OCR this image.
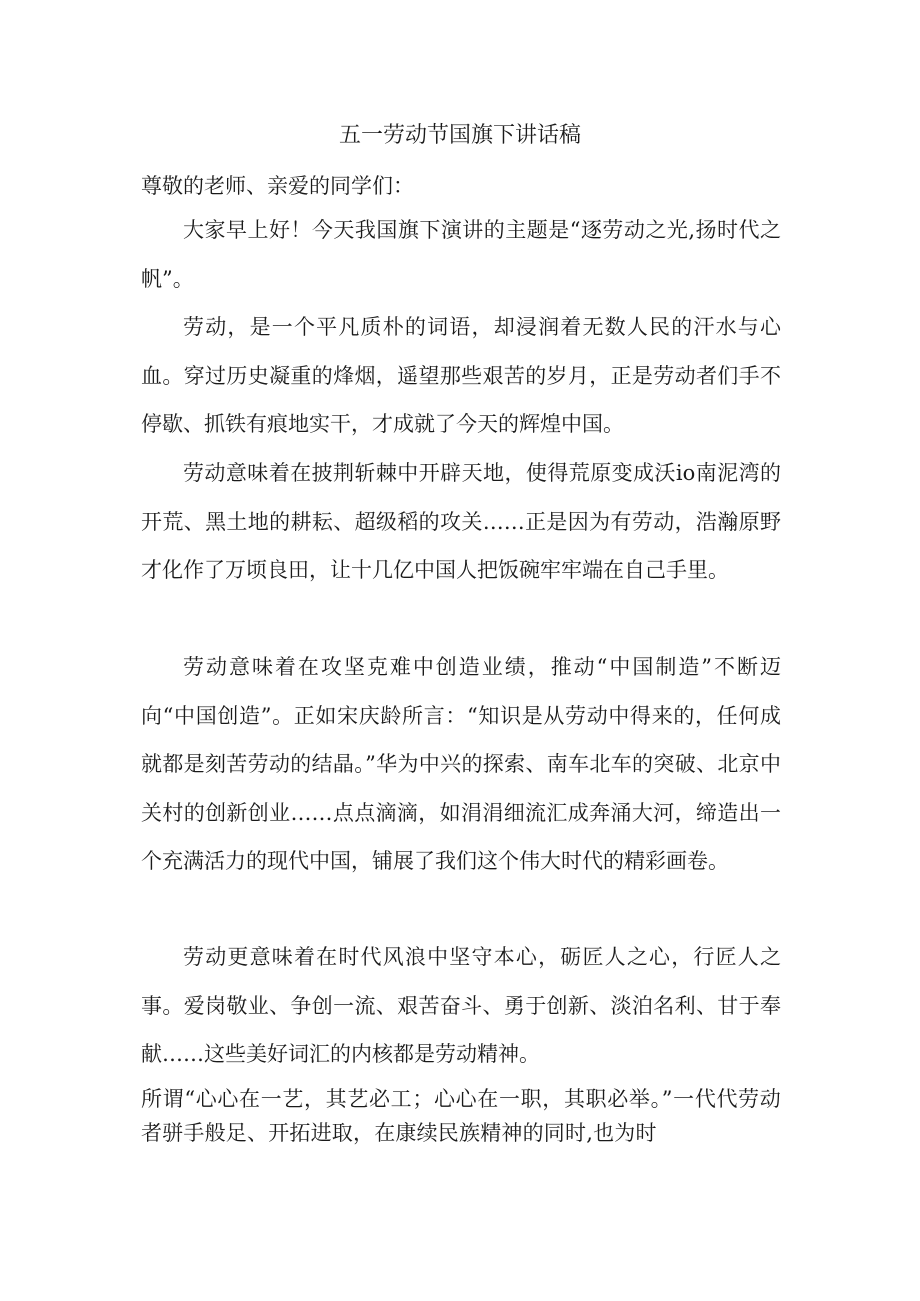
五一劳动节国旗下讲话稿

尊敬的老师、亲爱的同学们：

大家早上好！今天我国旗下演讲的主题是“逐劳动之光,扬时代之帆”。

劳动，是一个平凡质朴的词语，却浸润着无数人民的汗水与心血。穿过历史凝重的烽烟，遥望那些艰苦的岁月，正是劳动者们手不停歇、抓铁有痕地实干，才成就了今天的辉煌中国。

劳动意味着在披荆斩棘中开辟天地，使得荒原变成沃io南泥湾的开荒、黑土地的耕耘、超级稻的攻关……正是因为有劳动，浩瀚原野才化作了万顷良田，让十几亿中国人把饭碗牢牢端在自己手里。

劳动意味着在攻坚克难中创造业绩，推动“中国制造”不断迈向“中国创造”。正如宋庆龄所言：“知识是从劳动中得来的，任何成就都是刻苦劳动的结晶。”华为中兴的探索、南车北车的突破、北京中关村的创新创业……点点滴滴，如涓涓细流汇成奔涌大河，缔造出一个充满活力的现代中国，铺展了我们这个伟大时代的精彩画卷。

劳动更意味着在时代风浪中坚守本心，砺匠人之心，行匠人之事。爱岗敬业、争创一流、艰苦奋斗、勇于创新、淡泊名利、甘于奉献……这些美好词汇的内核都是劳动精神。

所谓“心心在一艺，其艺必工；心心在一职，其职必举。”一代代劳动者骈手般足、开拓进取，在康续民族精神的同时,也为时
